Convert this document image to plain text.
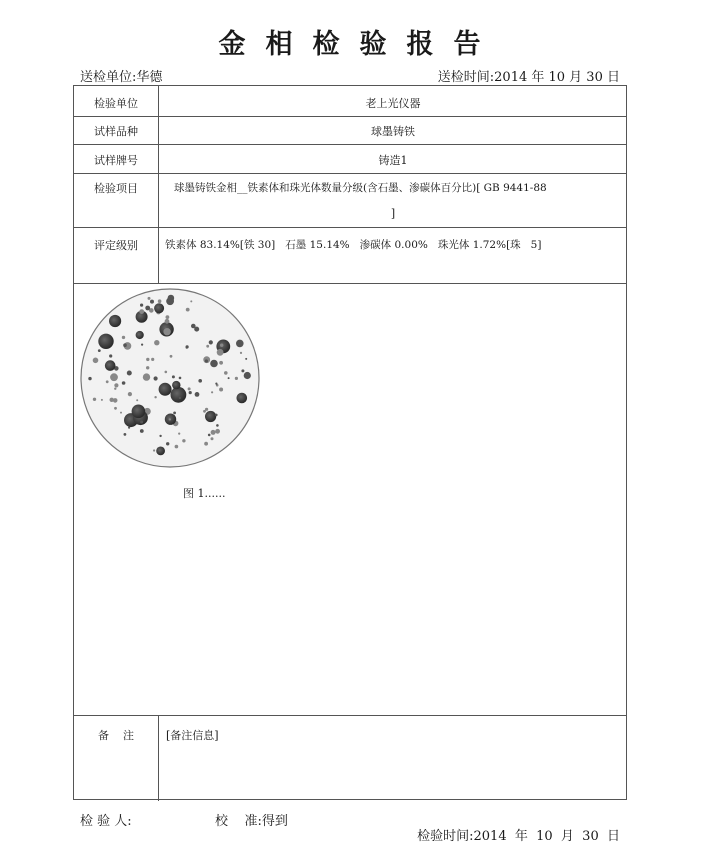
金相检验报告
送检单位:华德	送检时间:2014 年 10 月 30 日
检验单位	老上光仪器
试样品种	球墨铸铁
试样牌号	铸造1
检验项目	球墨铸铁金相__铁素体和珠光体数量分级(含石墨、渗碳体百分比)[ GB 9441-88
]
评定级别	铁素体 83.14%[铁 30]   石墨 15.14%   渗碳体 0.00%   珠光体 1.72%[珠   5]
备    注	[备注信息]
图 1......
检 验 人:	校    准:得到

检验时间:2014  年  10  月  30  日
